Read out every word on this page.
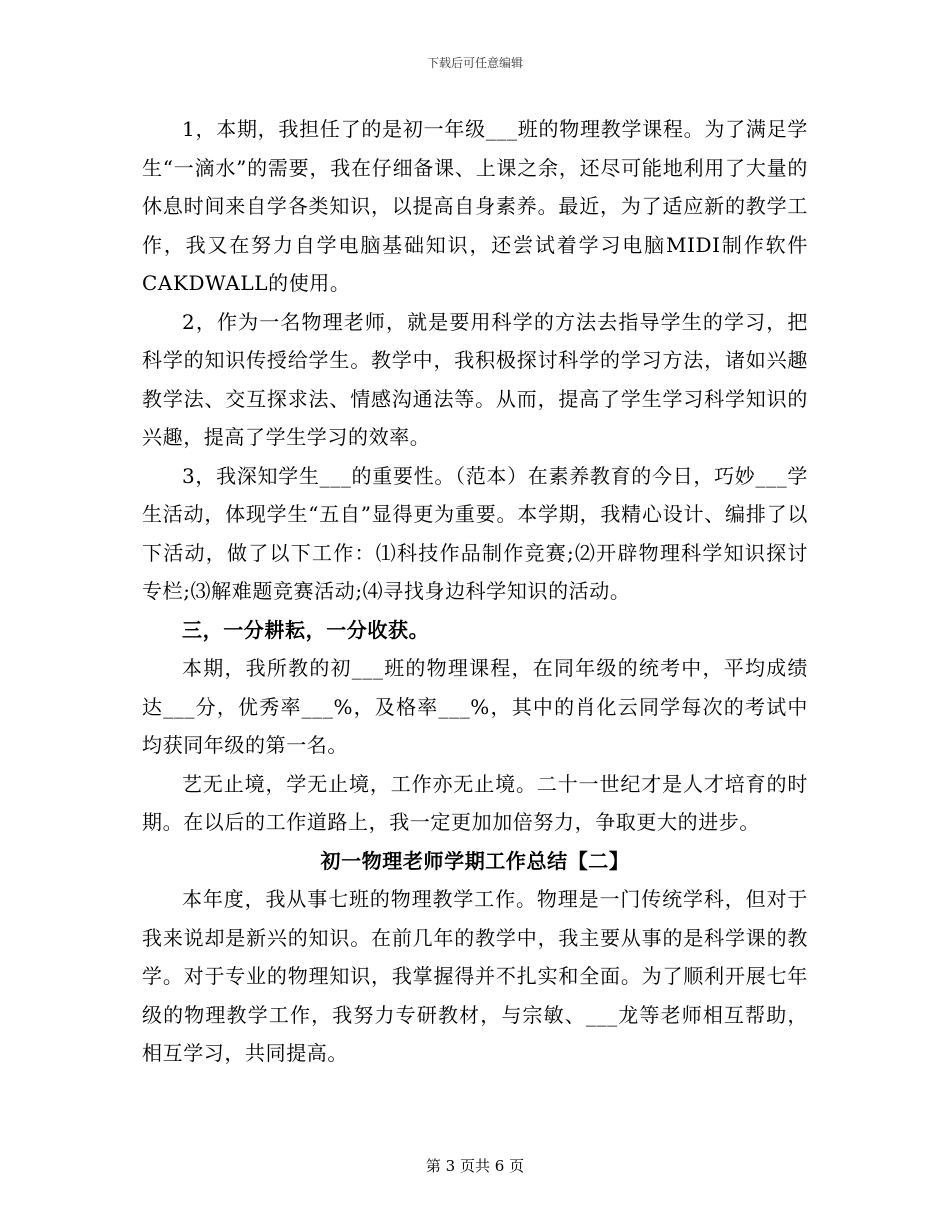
下载后可任意编辑

1，本期，我担任了的是初一年级___班的物理教学课程。为了满足学生“一滴水”的需要，我在仔细备课、上课之余，还尽可能地利用了大量的休息时间来自学各类知识，以提高自身素养。最近，为了适应新的教学工作，我又在努力自学电脑基础知识，还尝试着学习电脑MIDI制作软件CAKDWALL的使用。

2，作为一名物理老师，就是要用科学的方法去指导学生的学习，把科学的知识传授给学生。教学中，我积极探讨科学的学习方法，诸如兴趣教学法、交互探求法、情感沟通法等。从而，提高了学生学习科学知识的兴趣，提高了学生学习的效率。

3，我深知学生___的重要性。（范本）在素养教育的今日，巧妙___学生活动，体现学生“五自”显得更为重要。本学期，我精心设计、编排了以下活动，做了以下工作：⑴科技作品制作竞赛;⑵开辟物理科学知识探讨专栏;⑶解难题竞赛活动;⑷寻找身边科学知识的活动。

三，一分耕耘，一分收获。

本期，我所教的初___班的物理课程，在同年级的统考中，平均成绩达___分，优秀率___%，及格率___%，其中的肖化云同学每次的考试中均获同年级的第一名。

艺无止境，学无止境，工作亦无止境。二十一世纪才是人才培育的时期。在以后的工作道路上，我一定更加加倍努力，争取更大的进步。

初一物理老师学期工作总结【二】

本年度，我从事七班的物理教学工作。物理是一门传统学科，但对于我来说却是新兴的知识。在前几年的教学中，我主要从事的是科学课的教学。对于专业的物理知识，我掌握得并不扎实和全面。为了顺利开展七年级的物理教学工作，我努力专研教材，与宗敏、___龙等老师相互帮助，相互学习，共同提高。

第 3 页共 6 页
